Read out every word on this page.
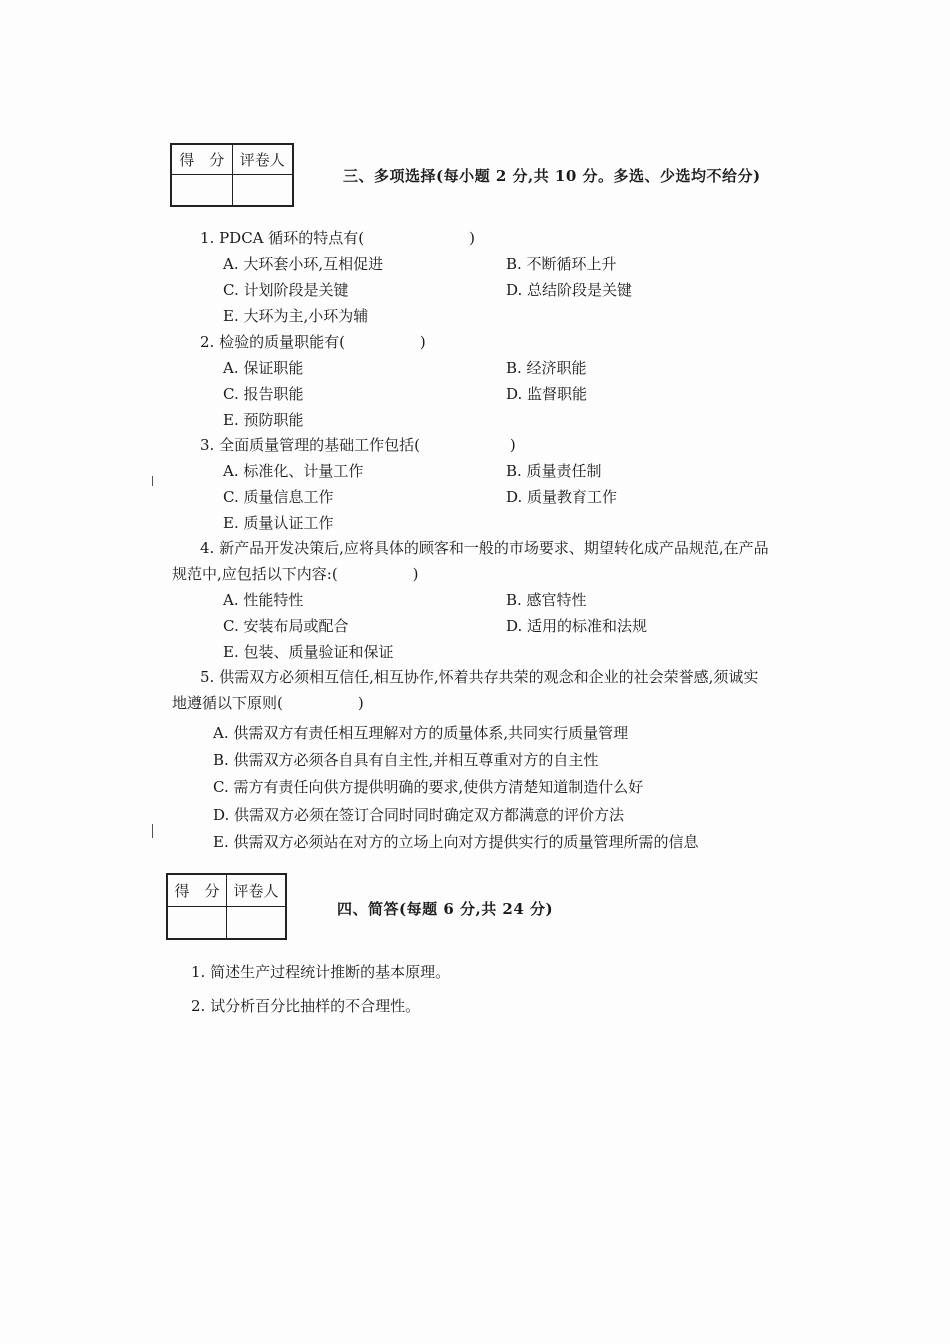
得　分	评卷人

三、多项选择(每小题 2 分,共 10 分。多选、少选均不给分)
1. PDCA 循环的特点有(　　　　　　　)
A. 大环套小环,互相促进	B. 不断循环上升
C. 计划阶段是关键	D. 总结阶段是关键
E. 大环为主,小环为辅
2. 检验的质量职能有(　　　　　)
A. 保证职能	B. 经济职能
C. 报告职能	D. 监督职能
E. 预防职能
3. 全面质量管理的基础工作包括(　　　　　　)
A. 标准化、计量工作	B. 质量责任制
C. 质量信息工作	D. 质量教育工作
E. 质量认证工作
4. 新产品开发决策后,应将具体的顾客和一般的市场要求、期望转化成产品规范,在产品
规范中,应包括以下内容:(　　　　　)
A. 性能特性	B. 感官特性
C. 安装布局或配合	D. 适用的标准和法规
E. 包装、质量验证和保证
5. 供需双方必须相互信任,相互协作,怀着共存共荣的观念和企业的社会荣誉感,须诚实
地遵循以下原则(　　　　　)
A. 供需双方有责任相互理解对方的质量体系,共同实行质量管理
B. 供需双方必须各自具有自主性,并相互尊重对方的自主性
C. 需方有责任向供方提供明确的要求,使供方清楚知道制造什么好
D. 供需双方必须在签订合同时同时确定双方都满意的评价方法
E. 供需双方必须站在对方的立场上向对方提供实行的质量管理所需的信息
得　分	评卷人

四、简答(每题 6 分,共 24 分)
1. 简述生产过程统计推断的基本原理。
2. 试分析百分比抽样的不合理性。
